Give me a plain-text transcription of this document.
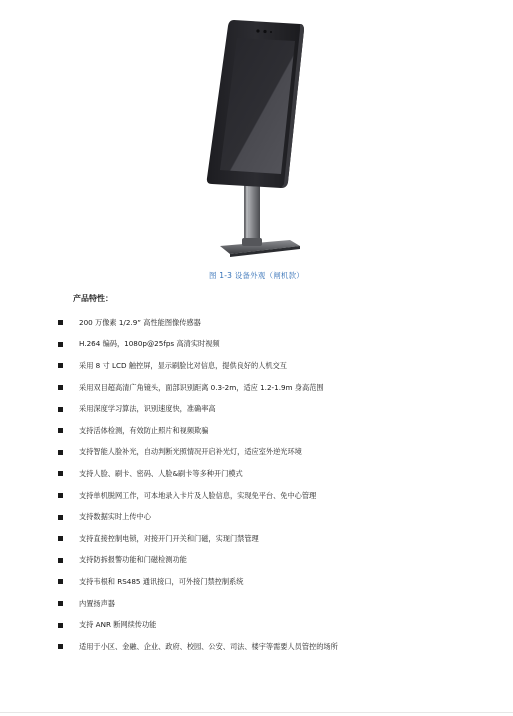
图 1-3 设备外观（闸机款）
产品特性：
200 万像素 1/2.9” 高性能图像传感器
H.264 编码，1080p@25fps 高清实时视频
采用 8 寸 LCD 触控屏，显示刷脸比对信息，提供良好的人机交互
采用双目超高清广角镜头，面部识别距离 0.3-2m，适应 1.2-1.9m 身高范围
采用深度学习算法，识别速度快，准确率高
支持活体检测，有效防止照片和视频欺骗
支持智能人脸补光，自动判断光照情况开启补光灯，适应室外逆光环境
支持人脸、刷卡、密码、人脸&刷卡等多种开门模式
支持单机脱网工作，可本地录入卡片及人脸信息，实现免平台、免中心管理
支持数据实时上传中心
支持直接控制电锁，对接开门开关和门磁，实现门禁管理
支持防拆报警功能和门磁检测功能
支持韦根和 RS485 通讯接口，可外接门禁控制系统
内置扬声器
支持 ANR 断网续传功能
适用于小区、金融、企业、政府、校园、公安、司法、楼宇等需要人员管控的场所
